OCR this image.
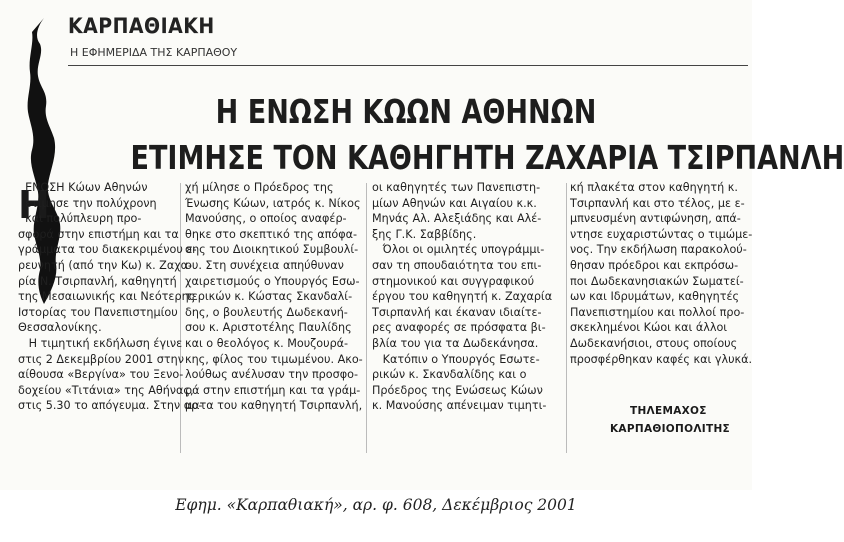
ΚΑΡΠΑΘΙΑΚΗ
Η ΕΦΗΜΕΡΙΔΑ ΤΗΣ ΚΑΡΠΑΘΟΥ
Η ΕΝΩΣΗ ΚΩΩΝ ΑΘΗΝΩΝ
ΕΤΙΜΗΣΕ ΤΟΝ ΚΑΘΗΓΗΤΗ ΖΑΧΑΡΙΑ ΤΣΙΡΠΑΝΛΗ
Η

ΕΝΩΣΗ Κώων Αθηνών

ετίμησε την πολύχρονη

και πολύπλευρη προ-

σφορά στην επιστήμη και τα

γράμματα του διακεκριμένου ε-

ρευνητή (από την Κω) κ. Ζαχα-

ρία Ν. Τσιρπανλή, καθηγητή

της Μεσαιωνικής και Νεότερης

Ιστορίας του Πανεπιστημίου

Θεσσαλονίκης.

Η τιμητική εκδήλωση έγινε

στις 2 Δεκεμβρίου 2001 στην

αίθουσα «Βεργίνα» του Ξενο-

δοχείου «Τιτάνια» της Αθήνας,

στις 5.30 το απόγευμα. Στην αρ-

χή μίλησε ο Πρόεδρος της

Ένωσης Κώων, ιατρός κ. Νίκος

Μανούσης, ο οποίος αναφέρ-

θηκε στο σκεπτικό της απόφα-

σης του Διοικητικού Συμβουλί-

ου. Στη συνέχεια απηύθυναν

χαιρετισμούς ο Υπουργός Εσω-

τερικών κ. Κώστας Σκανδαλί-

δης, ο βουλευτής Δωδεκανή-

σου κ. Αριστοτέλης Παυλίδης

και ο θεολόγος κ. Μουζουρά-

κης, φίλος του τιμωμένου. Ακο-

λούθως ανέλυσαν την προσφο-

ρά στην επιστήμη και τα γράμ-

ματα του καθηγητή Τσιρπανλή,

οι καθηγητές των Πανεπιστη-

μίων Αθηνών και Αιγαίου κ.κ.

Μηνάς Αλ. Αλεξιάδης και Αλέ-

ξης Γ.Κ. Σαββίδης.

Όλοι οι ομιλητές υπογράμμι-

σαν τη σπουδαιότητα του επι-

στημονικού και συγγραφικού

έργου του καθηγητή κ. Ζαχαρία

Τσιρπανλή και έκαναν ιδιαίτε-

ρες αναφορές σε πρόσφατα βι-

βλία του για τα Δωδεκάνησα.

Κατόπιν ο Υπουργός Εσωτε-

ρικών κ. Σκανδαλίδης και ο

Πρόεδρος της Ενώσεως Κώων

κ. Μανούσης απένειμαν τιμητι-

κή πλακέτα στον καθηγητή κ.

Τσιρπανλή και στο τέλος, με ε-

μπνευσμένη αντιφώνηση, απά-

ντησε ευχαριστώντας ο τιμώμε-

νος. Την εκδήλωση παρακολού-

θησαν πρόεδροι και εκπρόσω-

ποι Δωδεκανησιακών Σωματεί-

ων και Ιδρυμάτων, καθηγητές

Πανεπιστημίου και πολλοί προ-

σκεκλημένοι Κώοι και άλλοι

Δωδεκανήσιοι, στους οποίους

προσφέρθηκαν καφές και γλυκά.

ΤΗΛΕΜΑΧΟΣ
ΚΑΡΠΑΘΙΟΠΟΛΙΤΗΣ
Εφημ. «Καρπαθιακή», αρ. φ. 608, Δεκέμβριος 2001
